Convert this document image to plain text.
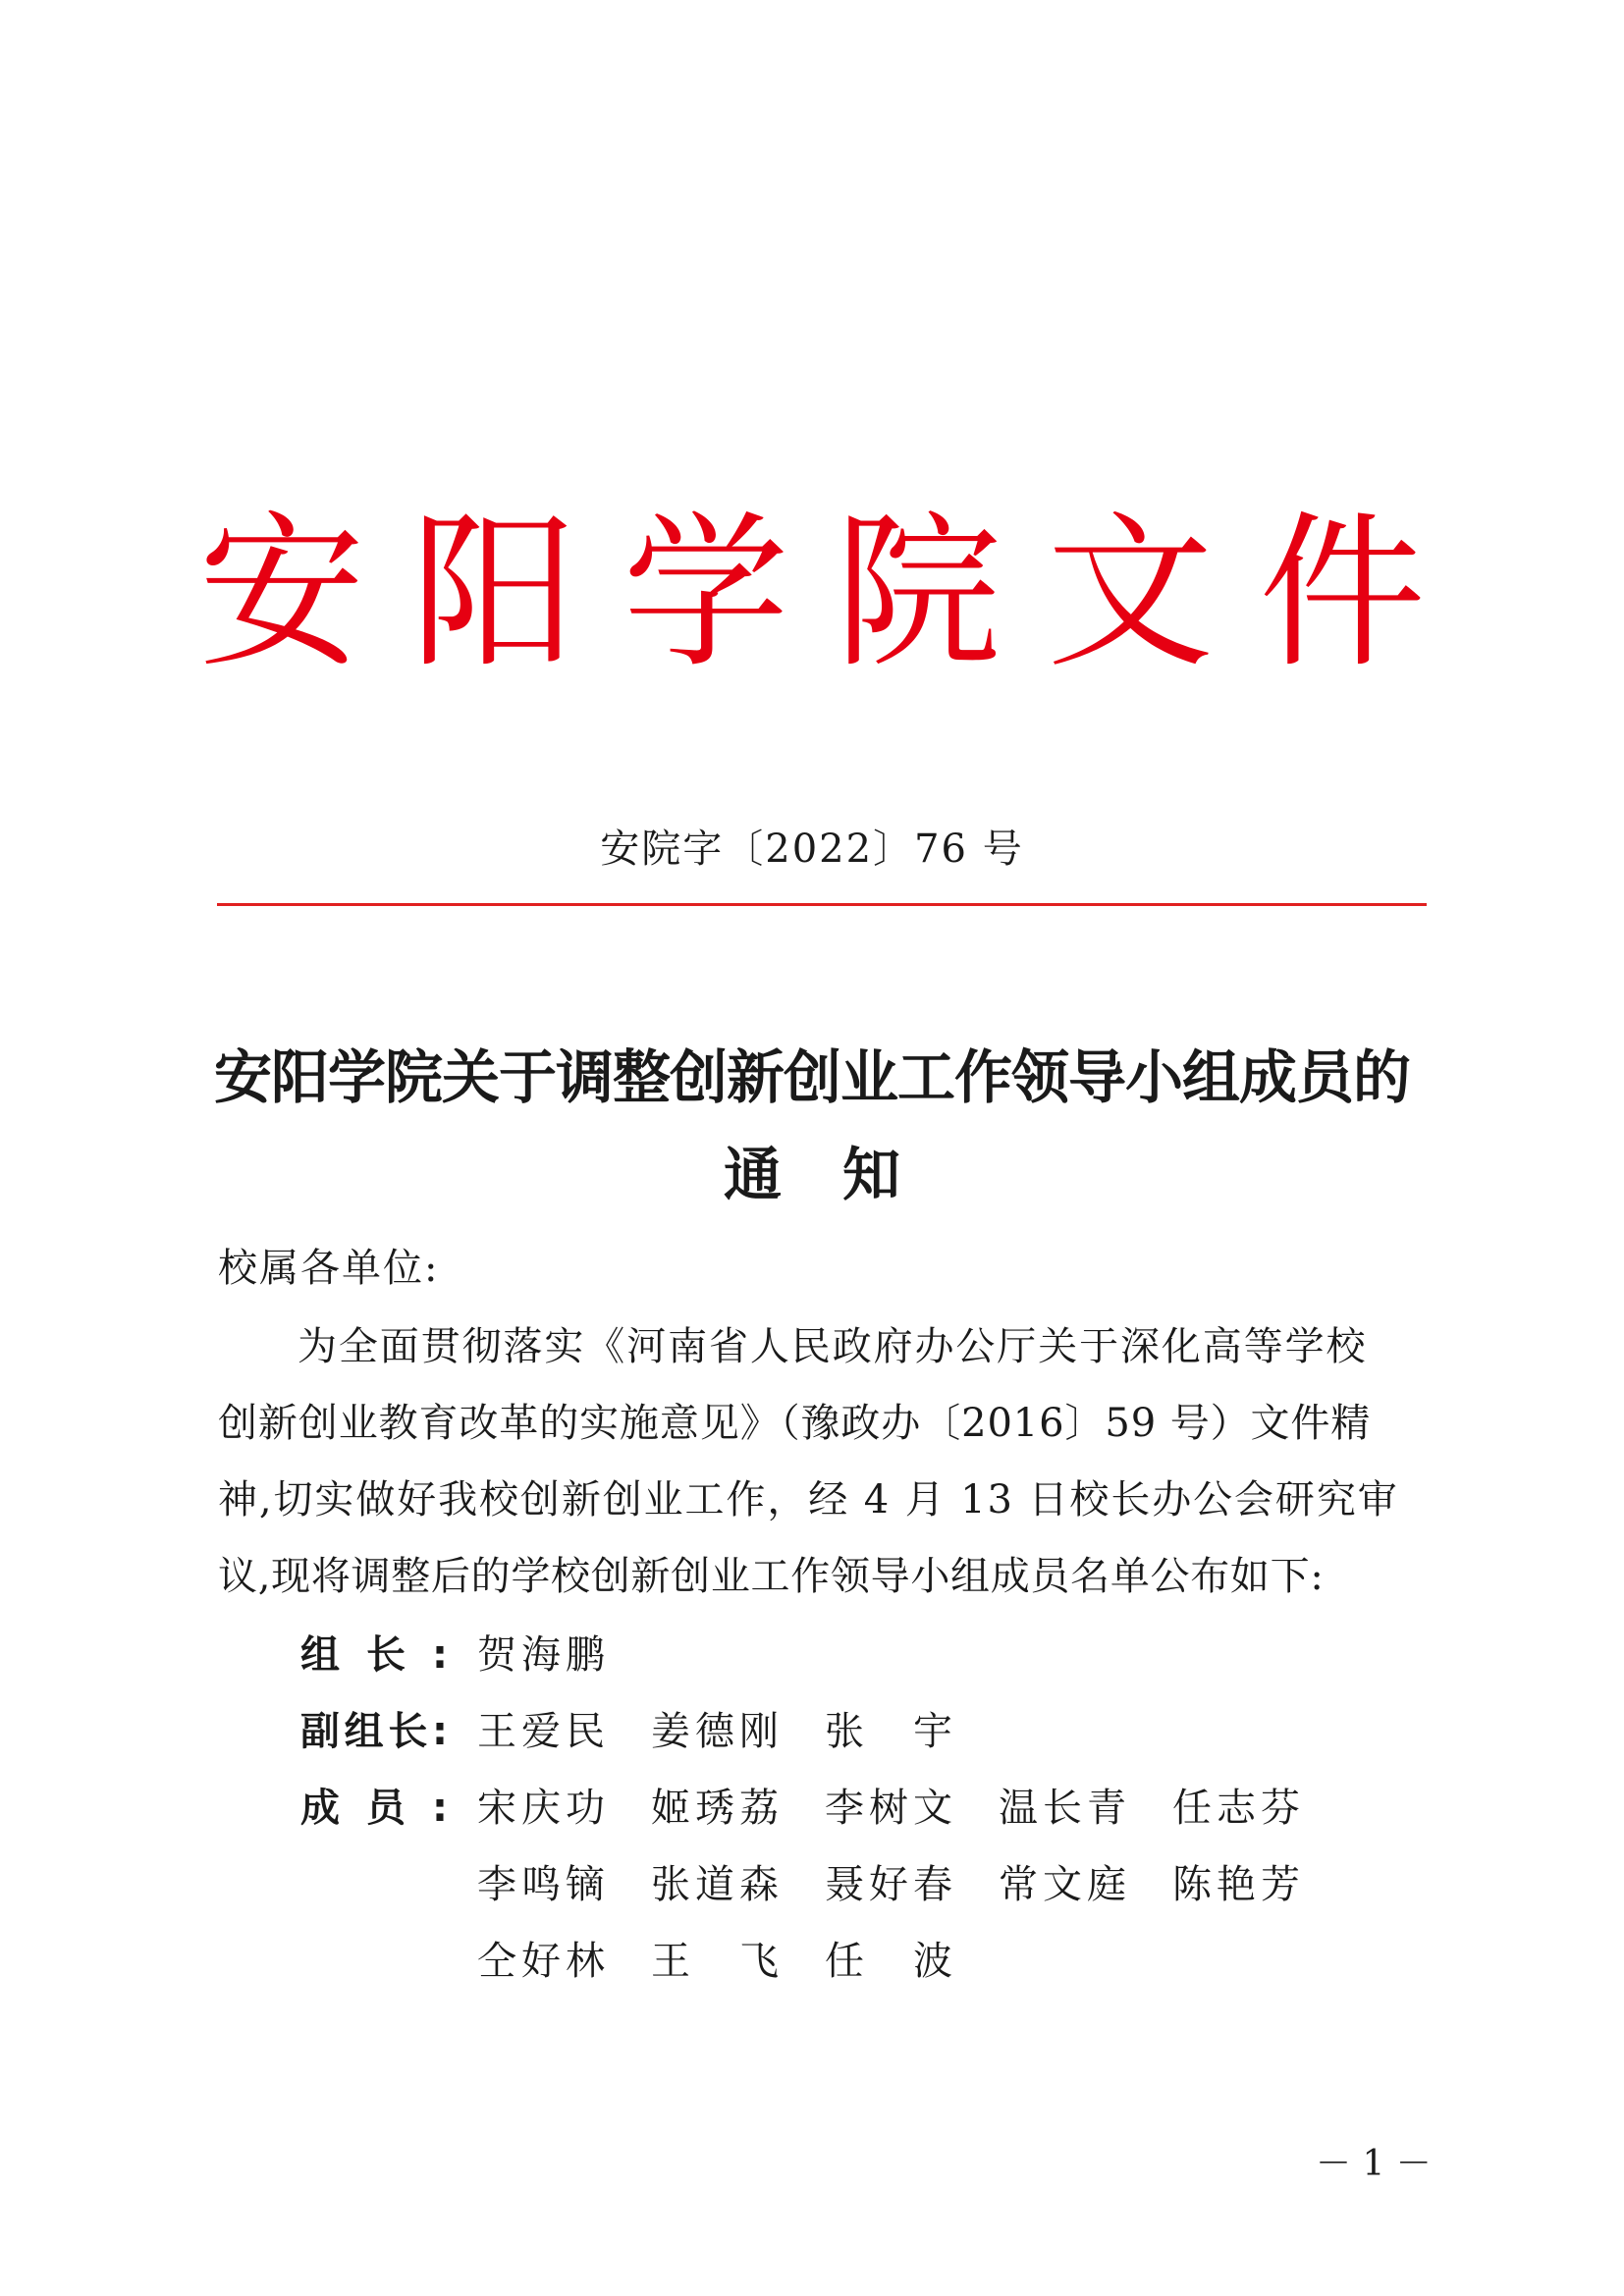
安阳学院文件
安院字〔2022〕76 号
安阳学院关于调整创新创业工作领导小组成员的
通知
校属各单位:
为全面贯彻落实《河南省人民政府办公厅关于深化高等学校
创新创业教育改革的实施意见》（豫政办〔2016〕59 号）文件精
神,切实做好我校创新创业工作，经 4 月 13 日校长办公会研究审
议,现将调整后的学校创新创业工作领导小组成员名单公布如下:
组 长 :
副 组 长 :
成 员 :
贺 海 鹏
王 爱 民 姜 德 刚 张 宇
宋 庆 功 姬 琇 荔 李 树 文 温 长 青 任 志 芬
李 鸣 镝 张 道 森 聂 好 春 常 文 庭 陈 艳 芳
仝 好 林 王 飞 任 波
－ 1 －
